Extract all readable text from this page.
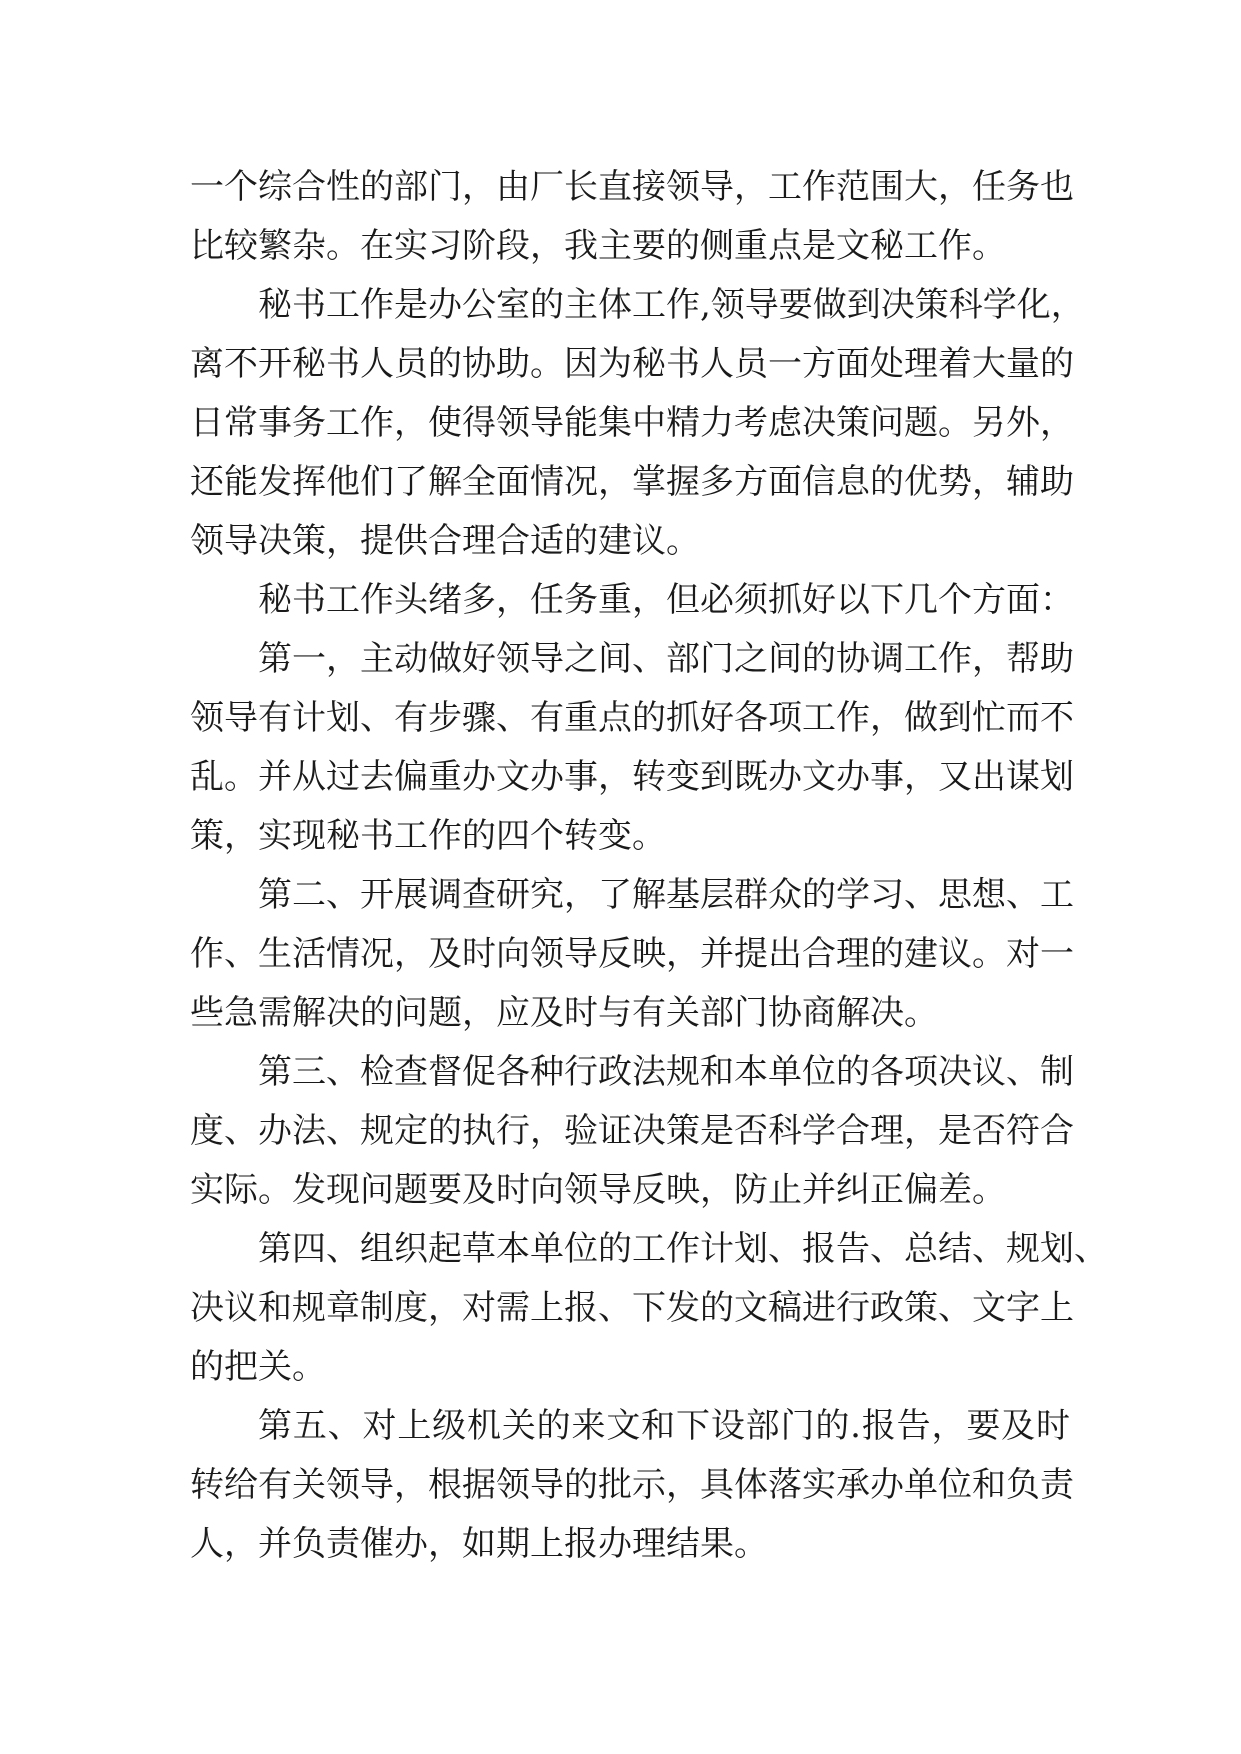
一个综合性的部门，由厂长直接领导，工作范围大，任务也
比较繁杂。在实习阶段，我主要的侧重点是文秘工作。
秘书工作是办公室的主体工作,领导要做到决策科学化，
离不开秘书人员的协助。因为秘书人员一方面处理着大量的
日常事务工作，使得领导能集中精力考虑决策问题。另外，
还能发挥他们了解全面情况，掌握多方面信息的优势，辅助
领导决策，提供合理合适的建议。
秘书工作头绪多，任务重，但必须抓好以下几个方面：
第一，主动做好领导之间、部门之间的协调工作，帮助
领导有计划、有步骤、有重点的抓好各项工作，做到忙而不
乱。并从过去偏重办文办事，转变到既办文办事，又出谋划
策，实现秘书工作的四个转变。
第二、开展调查研究，了解基层群众的学习、思想、工
作、生活情况，及时向领导反映，并提出合理的建议。对一
些急需解决的问题，应及时与有关部门协商解决。
第三、检查督促各种行政法规和本单位的各项决议、制
度、办法、规定的执行，验证决策是否科学合理，是否符合
实际。发现问题要及时向领导反映，防止并纠正偏差。
第四、组织起草本单位的工作计划、报告、总结、规划、
决议和规章制度，对需上报、下发的文稿进行政策、文字上
的把关。
第五、对上级机关的来文和下设部门的.报告，要及时
转给有关领导，根据领导的批示，具体落实承办单位和负责
人，并负责催办，如期上报办理结果。
